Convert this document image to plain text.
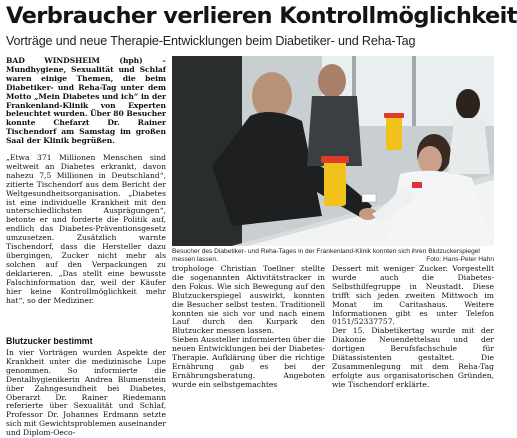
Verbraucher verlieren Kontrollmöglichkeit
Vorträge und neue Therapie-Entwicklungen beim Diabetiker- und Reha-Tag
BAD WINDSHEIM (hph) – Mundhygiene, Sexualität und Schlaf waren einige Themen, die beim Diabetiker- und Reha-Tag unter dem Motto „Mein Diabetes und ich“ in der Frankenland-Klinik von Experten beleuchtet wurden. Über 80 Besucher konnte Chefarzt Dr. Rainer Tischendorf am Samstag im großen Saal der Klinik begrüßen.
„Etwa 371 Millionen Menschen sind weltweit an Diabetes erkrankt, davon nahezu 7,5 Millionen in Deutschland“, zitierte Tischendorf aus dem Bericht der Weltgesundheitsorganisation. „Diabetes ist eine individuelle Krankheit mit den unterschiedlichsten Ausprägungen“, betonte er und forderte die Politik auf, endlich das Diabetes-Präventionsgesetz umzusetzen. Zusätzlich warnte Tischendorf, dass die Hersteller dazu übergingen, Zucker nicht mehr als solchen auf den Verpackungen zu deklarieren. „Das stellt eine bewusste Falschinformation dar, weil der Käufer hier keine Kontrollmöglichkeit mehr hat“, so der Mediziner.
Blutzucker bestimmt
In vier Vorträgen wurden Aspekte der Krankheit unter die medizinische Lupe genommen. So informierte die Dentalhygienikerin Andrea Blumenstein über Zahngesundheit bei Diabetes, Oberarzt Dr. Rainer Riedemann referierte über Sexualität und Schlaf, Professor Dr. Johannes Erdmann setzte sich mit Gewichtsproblemen auseinander und Diplom-Oeco-
Besucher des Diabetiker- und Reha-Tages in der Frankenland-Klinik konnten sich ihren Blutzuckerspiegel messen lassen.	Foto: Hans-Peter Hahn
trophologe Christian Toellner stellte die sogenannten Aktivitätstracker in den Fokus. Wie sich Bewegung auf den Blutzuckerspiegel auswirkt, konnten die Besucher selbst testen. Traditionell konnten sie sich vor und nach einem Lauf durch den Kurpark den Blutzucker messen lassen.
Sieben Aussteller informierten über die neuen Entwicklungen bei der Diabetes-Therapie. Aufklärung über die richtige Ernährung gab es bei der Ernährungsberatung. Angeboten wurde ein selbstgemachtes
Dessert mit weniger Zucker. Vorgestellt wurde auch die Diabetes-Selbsthilfegruppe in Neustadt. Diese trifft sich jeden zweiten Mittwoch im Monat im Caritashaus. Weitere Informationen gibt es unter Telefon 0151/52337757.
Der 15. Diabetikertag wurde mit der Diakonie Neuendettelsau und der dortigen Berufsfachschule für Diätassistenten gestaltet. Die Zusammenlegung mit dem Reha-Tag erfolgte aus organisatorischen Gründen, wie Tischendorf erklärte.
